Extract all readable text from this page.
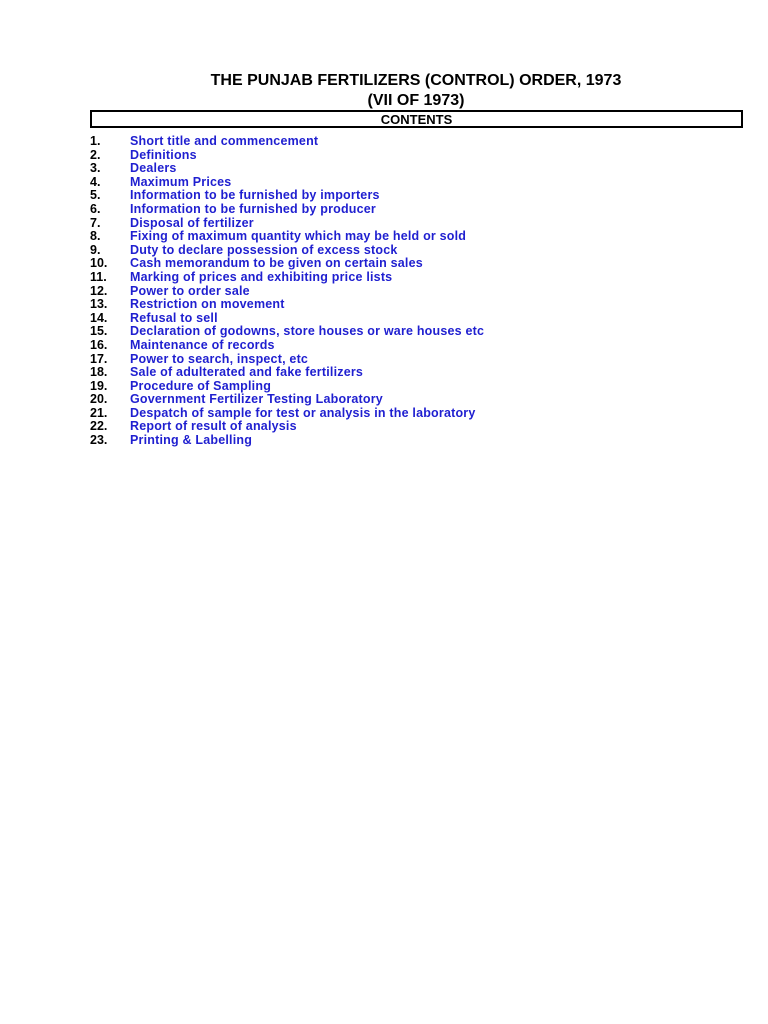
THE PUNJAB FERTILIZERS (CONTROL) ORDER, 1973
(VII OF 1973)
CONTENTS
1. Short title and commencement
2. Definitions
3. Dealers
4. Maximum Prices
5. Information to be furnished by importers
6. Information to be furnished by producer
7. Disposal of fertilizer
8. Fixing of maximum quantity which may be held or sold
9. Duty to declare possession of excess stock
10. Cash memorandum to be given on certain sales
11. Marking of prices and exhibiting price lists
12. Power to order sale
13. Restriction on movement
14. Refusal to sell
15. Declaration of godowns, store houses or ware houses etc
16. Maintenance of records
17. Power to search, inspect, etc
18. Sale of adulterated and fake fertilizers
19. Procedure of Sampling
20. Government Fertilizer Testing Laboratory
21. Despatch of sample for test or analysis in the laboratory
22. Report of result of analysis
23. Printing & Labelling
